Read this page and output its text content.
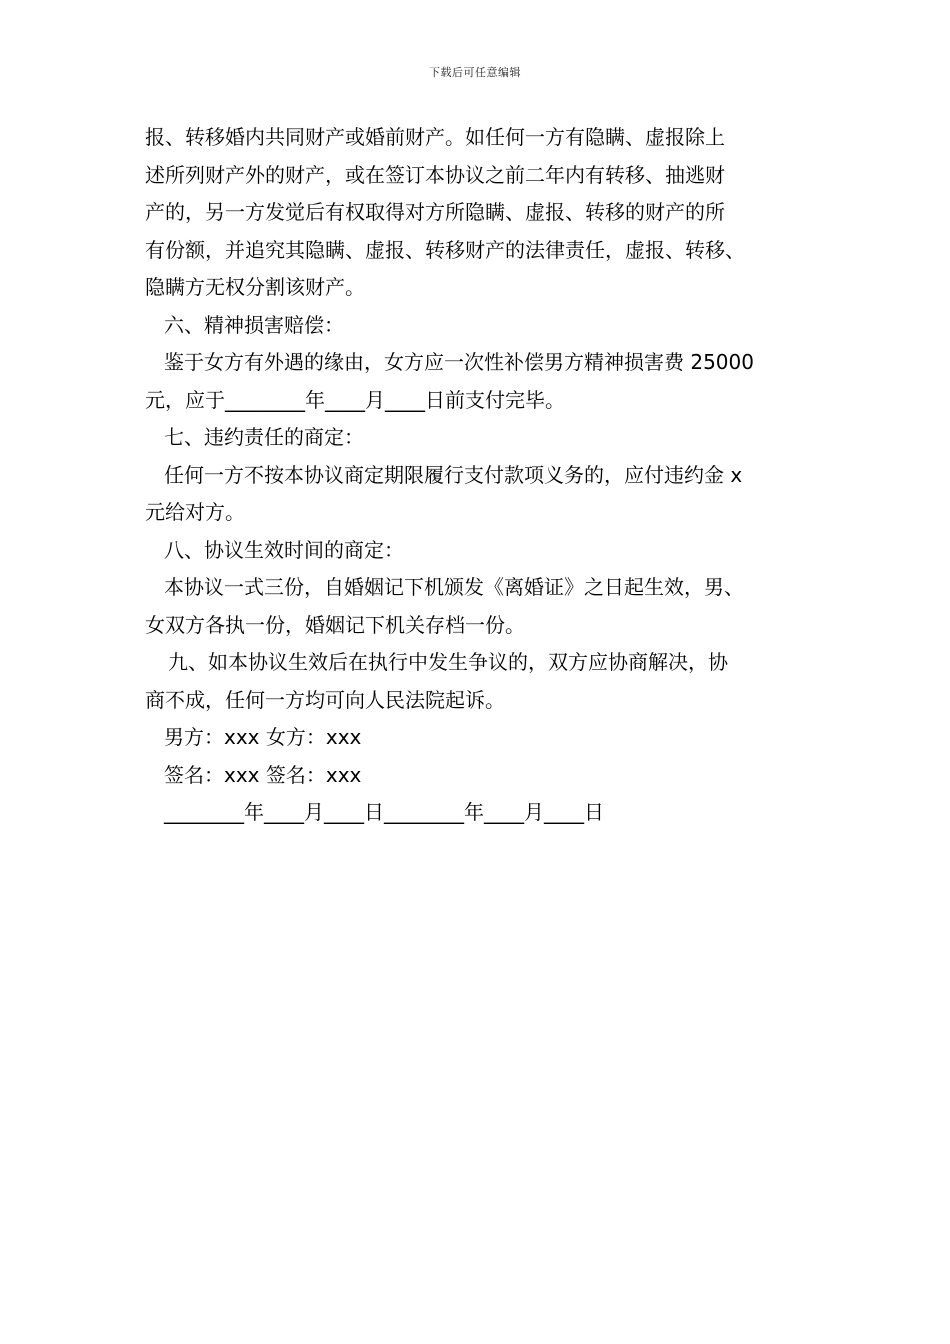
下载后可任意编辑
报、转移婚内共同财产或婚前财产。如任何一方有隐瞒、虚报除上
述所列财产外的财产，或在签订本协议之前二年内有转移、抽逃财
产的，另一方发觉后有权取得对方所隐瞒、虚报、转移的财产的所
有份额，并追究其隐瞒、虚报、转移财产的法律责任，虚报、转移、
隐瞒方无权分割该财产。
六、精神损害赔偿：
鉴于女方有外遇的缘由，女方应一次性补偿男方精神损害费 25000
元，应于________年____月____日前支付完毕。
七、违约责任的商定：
任何一方不按本协议商定期限履行支付款项义务的，应付违约金 x
元给对方。
八、协议生效时间的商定：
本协议一式三份，自婚姻记下机颁发《离婚证》之日起生效，男、
女双方各执一份，婚姻记下机关存档一份。
九、如本协议生效后在执行中发生争议的，双方应协商解决，协
商不成，任何一方均可向人民法院起诉。
男方：xxx 女方：xxx
签名：xxx 签名：xxx
________年____月____日________年____月____日
